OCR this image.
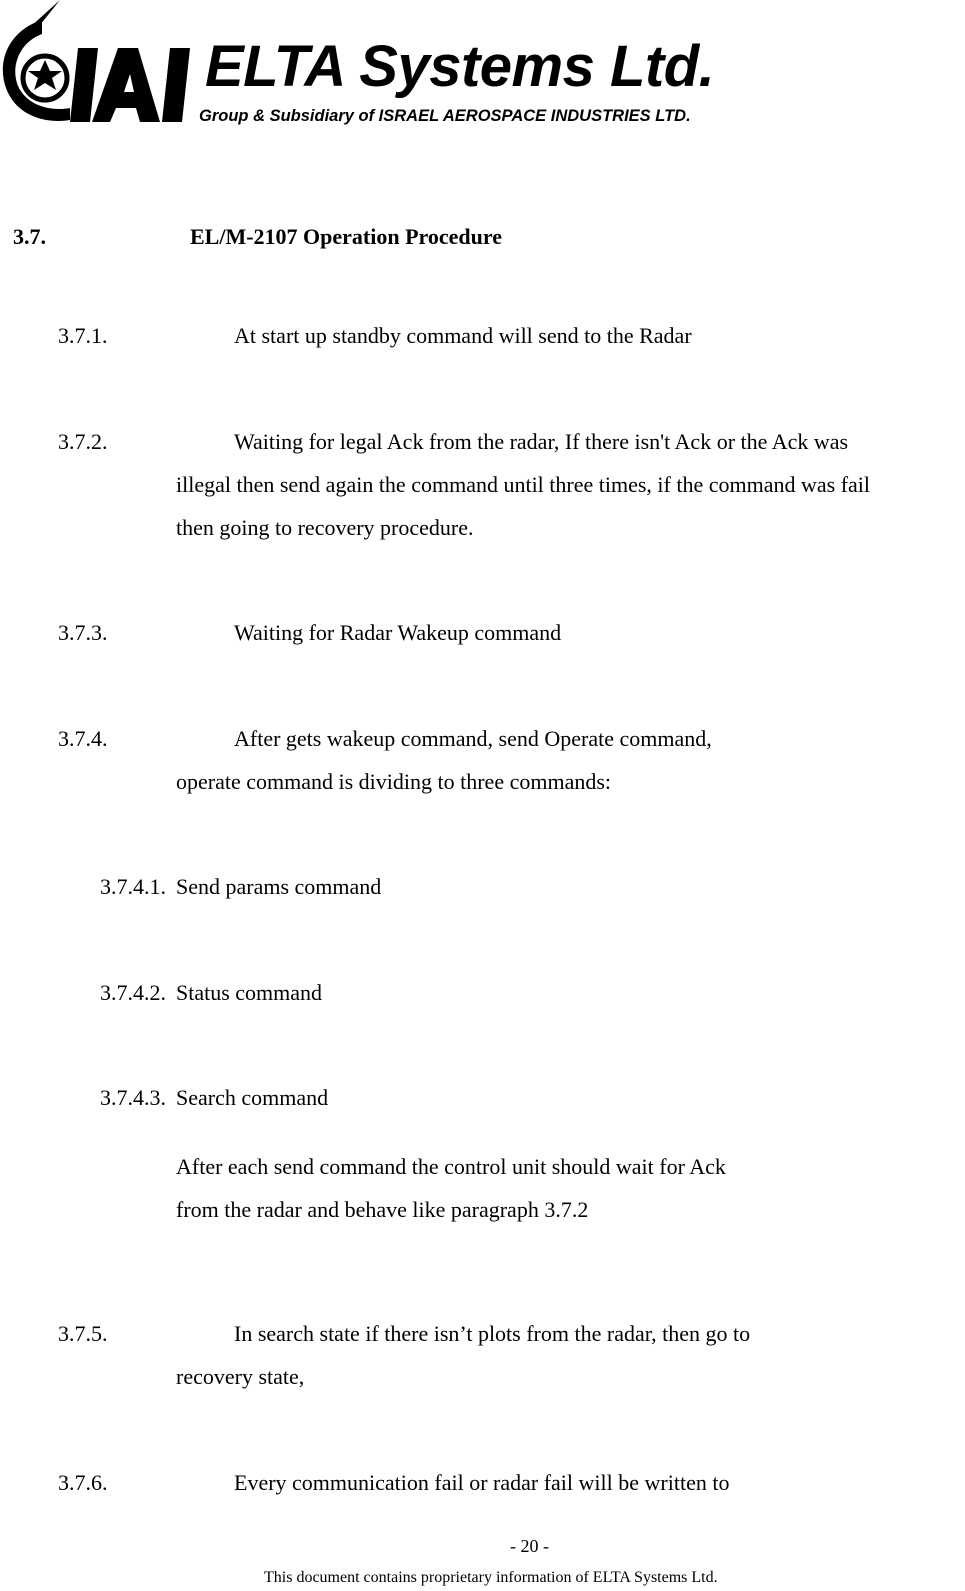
ELTA Systems Ltd.
Group & Subsidiary of ISRAEL AEROSPACE INDUSTRIES LTD.
3.7.	EL/M-2107 Operation Procedure
3.7.1.	At start up standby command will send to the Radar
3.7.2.	Waiting for legal Ack from the radar, If there isn't Ack or the Ack was
illegal then send again the command until three times, if the command was fail
then going to recovery procedure.
3.7.3.	Waiting for Radar Wakeup command
3.7.4.	After gets wakeup command, send Operate command,
operate command is dividing to three commands:
3.7.4.1. Send params command
3.7.4.2. Status command
3.7.4.3. Search command
After each send command the control unit should wait for Ack
from the radar and behave like paragraph 3.7.2
3.7.5.	In search state if there isn’t plots from the radar, then go to
recovery state,
3.7.6.	Every communication fail or radar fail will be written to
- 20 -
This document contains proprietary information of ELTA Systems Ltd.
